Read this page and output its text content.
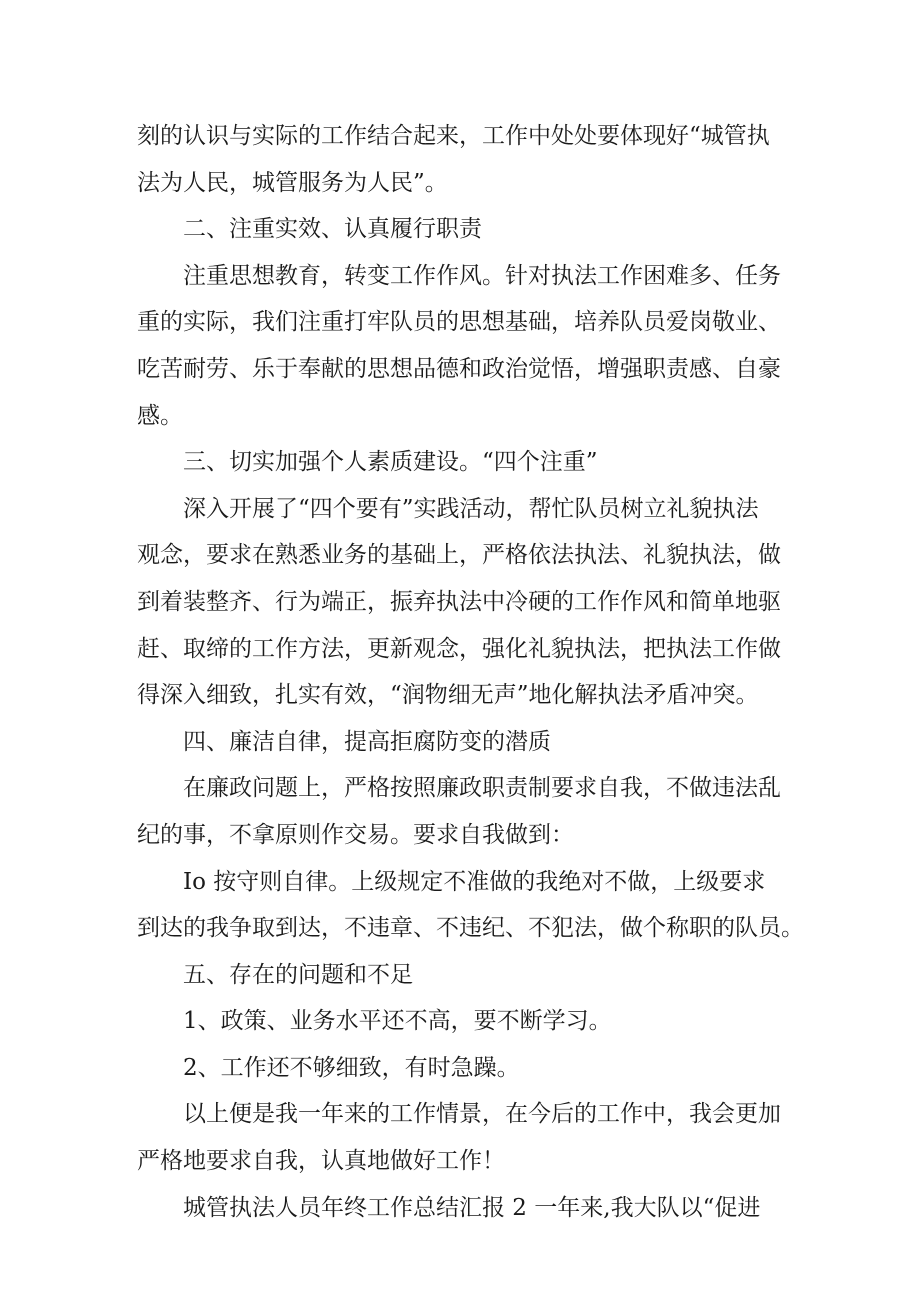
刻的认识与实际的工作结合起来，工作中处处要体现好“城管执
法为人民，城管服务为人民”。

二、注重实效、认真履行职责

注重思想教育，转变工作作风。针对执法工作困难多、任务
重的实际，我们注重打牢队员的思想基础，培养队员爱岗敬业、
吃苦耐劳、乐于奉献的思想品德和政治觉悟，增强职责感、自豪
感。

三、切实加强个人素质建设。“四个注重”

深入开展了“四个要有”实践活动，帮忙队员树立礼貌执法
观念，要求在熟悉业务的基础上，严格依法执法、礼貌执法，做
到着装整齐、行为端正，振弃执法中冷硬的工作作风和简单地驱
赶、取缔的工作方法，更新观念，强化礼貌执法，把执法工作做
得深入细致，扎实有效，“润物细无声”地化解执法矛盾冲突。

四、廉洁自律，提高拒腐防变的潜质

在廉政问题上，严格按照廉政职责制要求自我，不做违法乱
纪的事，不拿原则作交易。要求自我做到：

Io 按守则自律。上级规定不准做的我绝对不做，上级要求
到达的我争取到达，不违章、不违纪、不犯法，做个称职的队员。

五、存在的问题和不足

1、政策、业务水平还不高，要不断学习。

2、工作还不够细致，有时急躁。

以上便是我一年来的工作情景，在今后的工作中，我会更加
严格地要求自我，认真地做好工作！

城管执法人员年终工作总结汇报 2 一年来,我大队以“促进
